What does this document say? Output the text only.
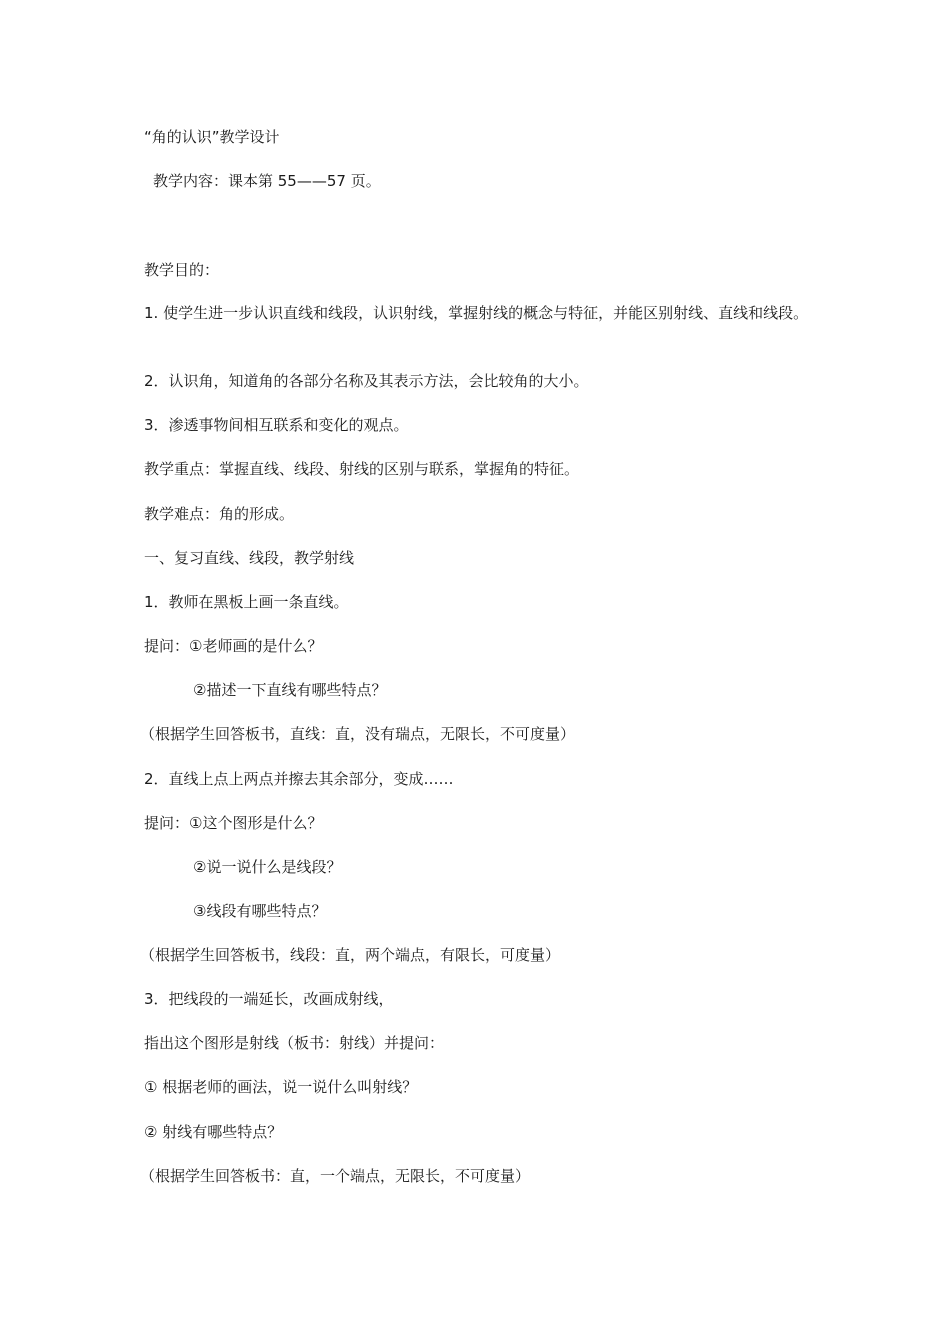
“角的认识”教学设计
教学内容：课本第 55——57 页。
教学目的：
1. 使学生进一步认识直线和线段，认识射线，掌握射线的概念与特征，并能区别射线、直线和线段。
2．认识角，知道角的各部分名称及其表示方法，会比较角的大小。
3．渗透事物间相互联系和变化的观点。
教学重点：掌握直线、线段、射线的区别与联系，掌握角的特征。
教学难点：角的形成。
一、复习直线、线段，教学射线
1．教师在黑板上画一条直线。
提问：①老师画的是什么？
②描述一下直线有哪些特点？
（根据学生回答板书，直线：直，没有瑞点，无限长，不可度量）
2．直线上点上两点并擦去其余部分，变成……
提问：①这个图形是什么？
②说一说什么是线段？
③线段有哪些特点？
（根据学生回答板书，线段：直，两个端点，有限长，可度量）
3．把线段的一端延长，改画成射线，
指出这个图形是射线（板书：射线）并提问：
① 根据老师的画法，说一说什么叫射线？
② 射线有哪些特点？
（根据学生回答板书：直，一个端点，无限长，不可度量）
